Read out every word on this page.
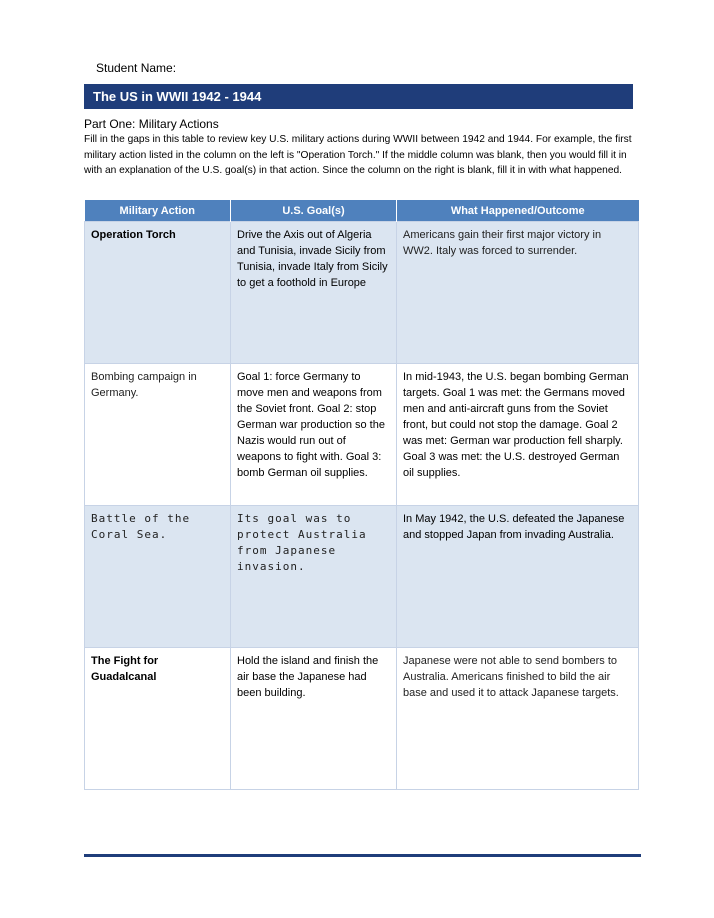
Student Name:
The US in WWII 1942 - 1944
Part One: Military Actions
Fill in the gaps in this table to review key U.S. military actions during WWII between 1942 and 1944. For example, the first military action listed in the column on the left is "Operation Torch." If the middle column was blank, then you would fill it in with an explanation of the U.S. goal(s) in that action. Since the column on the right is blank, fill it in with what happened.
Military Action	U.S. Goal(s)	What Happened/Outcome
Operation Torch	Drive the Axis out of Algeria and Tunisia, invade Sicily from Tunisia, invade Italy from Sicily to get a foothold in Europe	Americans gain their first major victory in WW2. Italy was forced to surrender.
Bombing campaign in Germany.	Goal 1: force Germany to move men and weapons from the Soviet front. Goal 2: stop German war production so the Nazis would run out of weapons to fight with. Goal 3: bomb German oil supplies.	In mid-1943, the U.S. began bombing German targets. Goal 1 was met: the Germans moved men and anti-aircraft guns from the Soviet front, but could not stop the damage. Goal 2 was met: German war production fell sharply. Goal 3 was met: the U.S. destroyed German oil supplies.
Battle of the Coral Sea.	Its goal was to protect Australia from Japanese invasion.	In May 1942, the U.S. defeated the Japanese and stopped Japan from invading Australia.
The Fight for Guadalcanal	Hold the island and finish the air base the Japanese had been building.	Japanese were not able to send bombers to Australia. Americans finished to bild the air base and used it to attack Japanese targets.
